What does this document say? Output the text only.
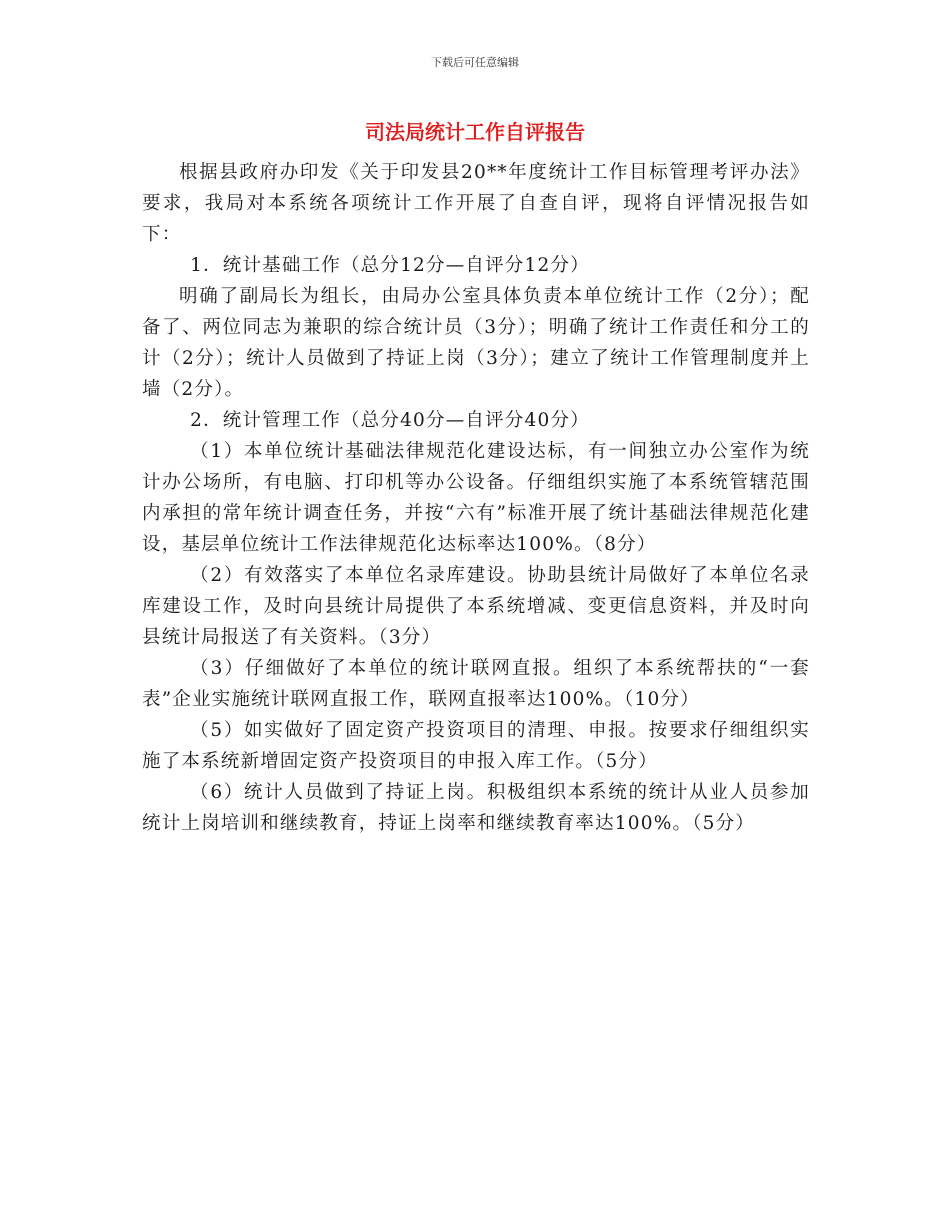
下载后可任意编辑
司法局统计工作自评报告

根据县政府办印发《关于印发县20**年度统计工作目标管理考评办法》要求，我局对本系统各项统计工作开展了自查自评，现将自评情况报告如下：

1．统计基础工作（总分12分—自评分12分）

明确了副局长为组长，由局办公室具体负责本单位统计工作（2分）；配备了、两位同志为兼职的综合统计员（3分）；明确了统计工作责任和分工的计（2分）；统计人员做到了持证上岗（3分）；建立了统计工作管理制度并上墙（2分）。

2．统计管理工作（总分40分—自评分40分）

（1）本单位统计基础法律规范化建设达标，有一间独立办公室作为统计办公场所，有电脑、打印机等办公设备。仔细组织实施了本系统管辖范围内承担的常年统计调查任务，并按“六有”标准开展了统计基础法律规范化建设，基层单位统计工作法律规范化达标率达100%。（8分）

（2）有效落实了本单位名录库建设。协助县统计局做好了本单位名录库建设工作，及时向县统计局提供了本系统增减、变更信息资料，并及时向县统计局报送了有关资料。（3分）

（3）仔细做好了本单位的统计联网直报。组织了本系统帮扶的“一套表”企业实施统计联网直报工作，联网直报率达100%。（10分）

（5）如实做好了固定资产投资项目的清理、申报。按要求仔细组织实施了本系统新增固定资产投资项目的申报入库工作。（5分）

（6）统计人员做到了持证上岗。积极组织本系统的统计从业人员参加统计上岗培训和继续教育，持证上岗率和继续教育率达100%。（5分）
